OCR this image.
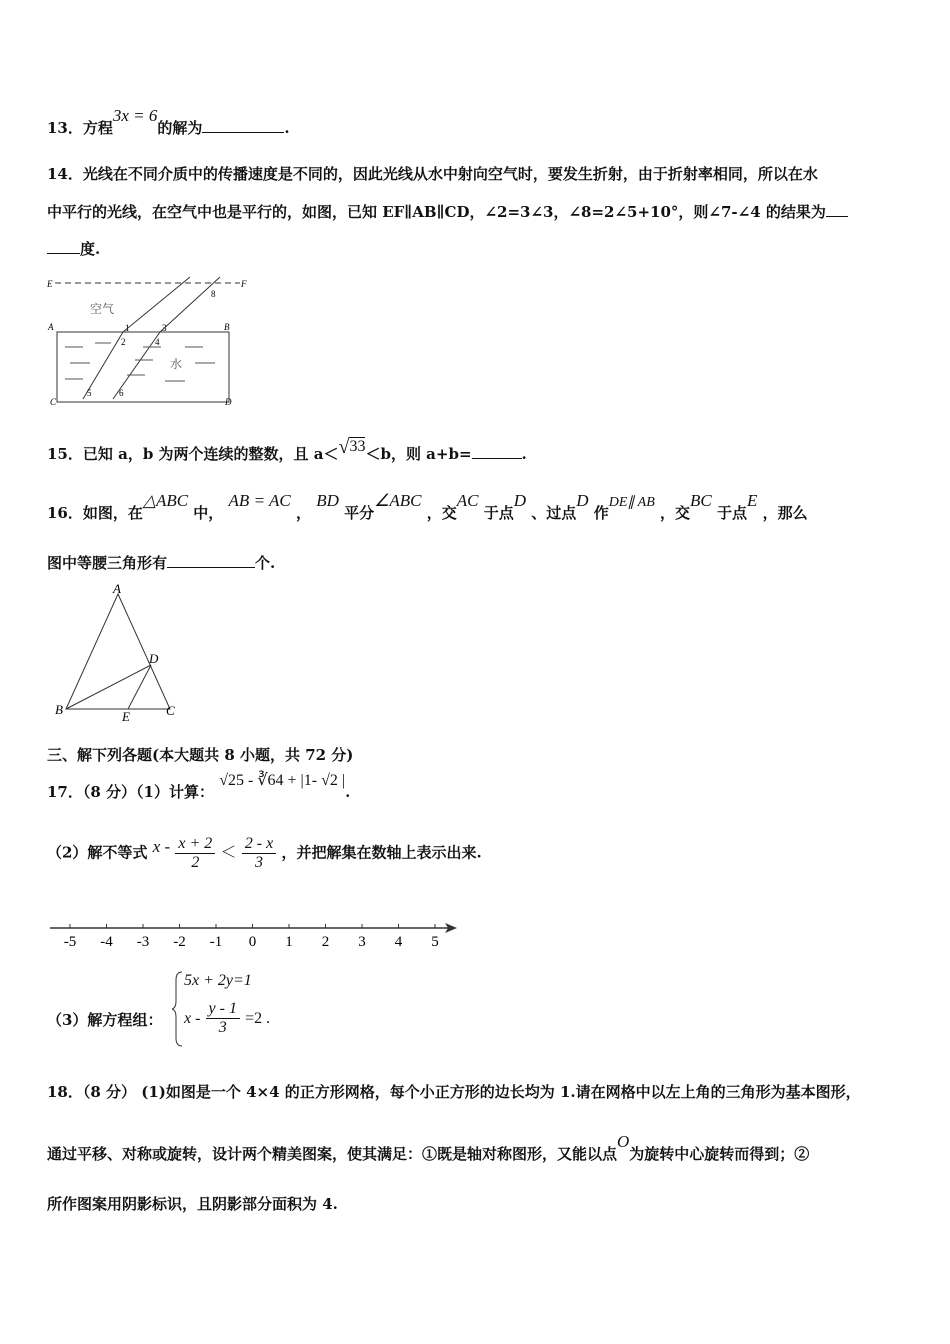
13．方程3x = 6的解为	.
14．光线在不同介质中的传播速度是不同的，因此光线从水中射向空气时，要发生折射，由于折射率相同，所以在水
中平行的光线，在空气中也是平行的，如图，已知 EF∥AB∥CD，∠2=3∠3，∠8=2∠5+10°，则∠7-∠4 的结果为
度.
E	F
A	B
C	D
空气
水
1
2
3
4
5	6
8
15．已知 a，b 为两个连续的整数，且 a＜√33＜b，则 a+b=	.
16．如图，在△ABC 中， AB = AC ， BD 平分∠ABC ，交AC 于点D 、过点D 作DE∥ AB ，交BC 于点E ，那么
图中等腰三角形有	个.
A
B	C
D
E
三、解下列各题(本大题共 8 小题，共 72 分)
17．（8 分）（1）计算： √25 - ∛64 + |1- √2 |.
（2）解不等式 $x - \frac{x + 2}{2} < \frac{2 - x}{3}$ ，并把解集在数轴上表示出来.
-5 -4 -3 -2 -1 0 1 2 3 4 5
（3）解方程组：
5x + 2y=1
$x - \frac{y - 1}{3} =2$ .
18．（8 分） (1)如图是一个 4×4 的正方形网格，每个小正方形的边长均为 1.请在网格中以左上角的三角形为基本图形，
通过平移、对称或旋转，设计两个精美图案，使其满足：①既是轴对称图形，又能以点O为旋转中心旋转而得到；②
所作图案用阴影标识，且阴影部分面积为 4.
